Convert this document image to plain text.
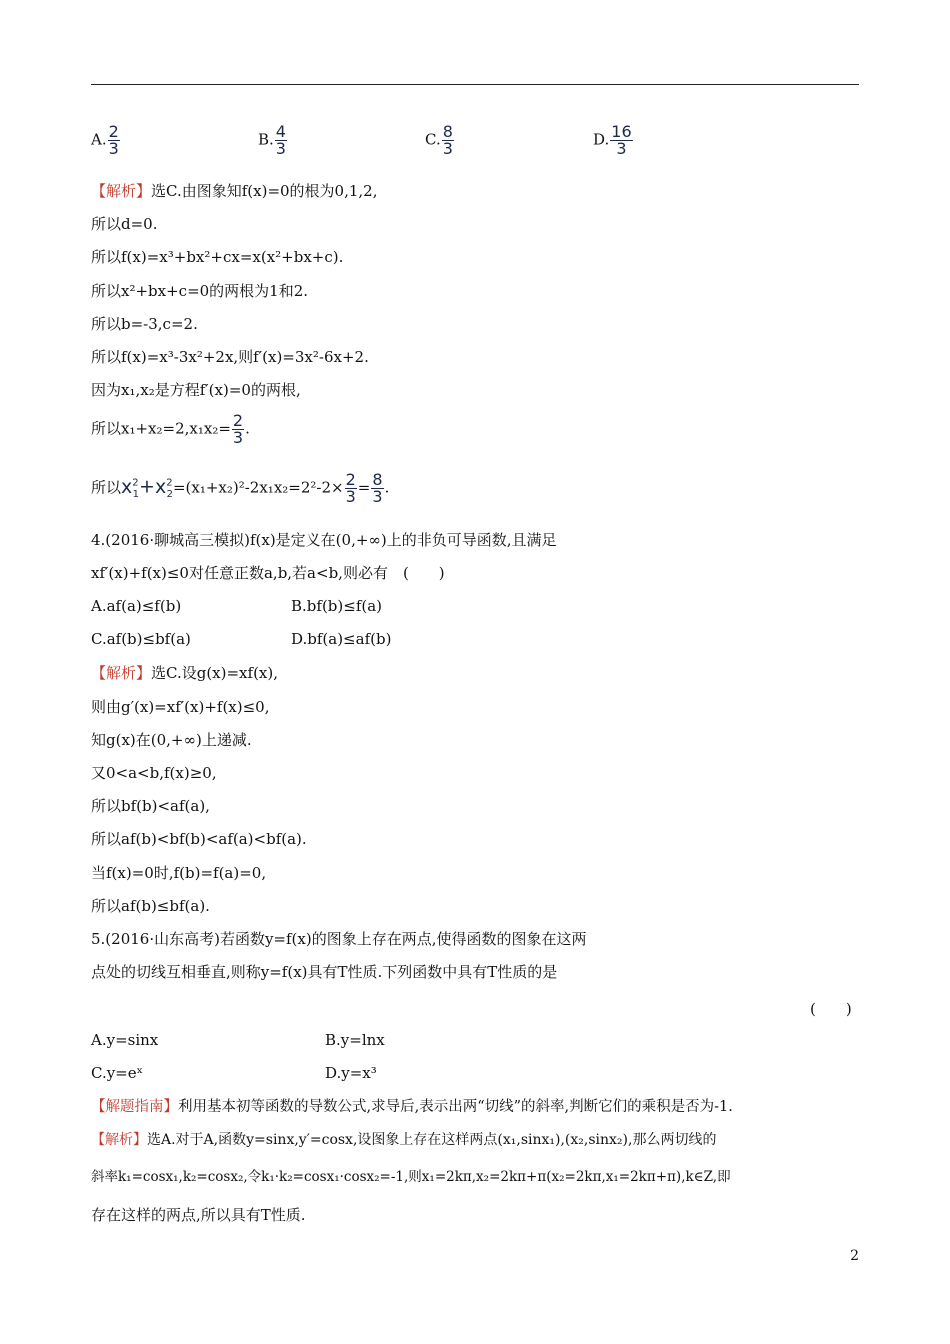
A. $\frac{2}{3}$	B. $\frac{4}{3}$	C. $\frac{8}{3}$	D. $\frac{16}{3}$
【解析】选C.由图象知f(x)=0的根为0,1,2,
所以d=0.
所以f(x)=x³+bx²+cx=x(x²+bx+c).
所以x²+bx+c=0的两根为1和2.
所以b=-3,c=2.
所以f(x)=x³-3x²+2x,则f′(x)=3x²-6x+2.
因为x₁,x₂是方程f′(x)=0的两根,
所以$x_1+x_2=2,x_1x_2= \frac{2}{3}$ .
所以$x^2_1+x^2_2=(x_1+x_2)^2-2x_1x_2=2^2-2\times \frac{2}{3} = \frac{8}{3}$ .
4.(2016·聊城高三模拟)f(x)是定义在(0,+∞)上的非负可导函数,且满足
xf′(x)+f(x)≤0对任意正数a,b,若a<b,则必有　(　　)
A.af(a)≤f(b)	B.bf(b)≤f(a)
C.af(b)≤bf(a)	D.bf(a)≤af(b)
【解析】选C.设g(x)=xf(x),
则由g′(x)=xf′(x)+f(x)≤0,
知g(x)在(0,+∞)上递减.
又0<a<b,f(x)≥0,
所以bf(b)<af(a),
所以af(b)<bf(b)<af(a)<bf(a).
当f(x)=0时,f(b)=f(a)=0,
所以af(b)≤bf(a).
5.(2016·山东高考)若函数y=f(x)的图象上存在两点,使得函数的图象在这两
点处的切线互相垂直,则称y=f(x)具有T性质.下列函数中具有T性质的是
(　　)
A.y=sinx	B.y=lnx
C.y=eˣ	D.y=x³
【解题指南】利用基本初等函数的导数公式,求导后,表示出两“切线”的斜率,判断它们的乘积是否为-1.
【解析】选A.对于A,函数y=sinx,y′=cosx,设图象上存在这样两点(x₁,sinx₁),(x₂,sinx₂),那么两切线的
斜率k₁=cosx₁,k₂=cosx₂,令k₁·k₂=cosx₁·cosx₂=-1,则x₁=2kπ,x₂=2kπ+π(x₂=2kπ,x₁=2kπ+π),k∈Z,即
存在这样的两点,所以具有T性质.
2
